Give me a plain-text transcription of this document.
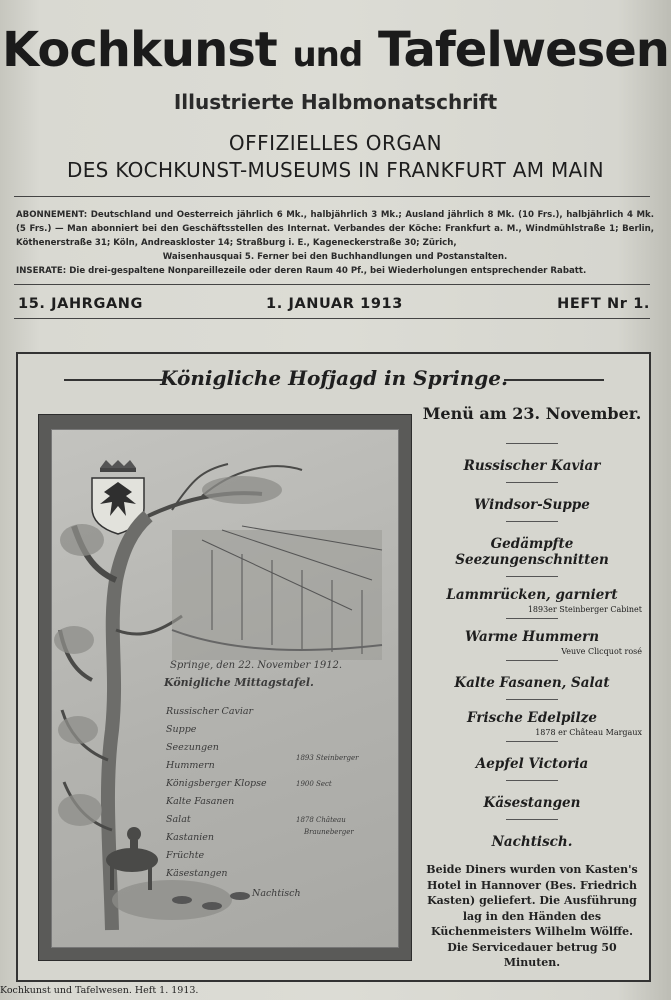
Kochkunst und Tafelwesen
Illustrierte Halbmonatschrift
OFFIZIELLES ORGAN
DES KOCHKUNST-MUSEUMS IN FRANKFURT AM MAIN

ABONNEMENT: Deutschland und Oesterreich jährlich 6 Mk., halbjährlich 3 Mk.; Ausland jährlich 8 Mk. (10 Frs.), halbjährlich 4 Mk. (5 Frs.) — Man abonniert bei den Geschäftsstellen des Internat. Verbandes der Köche: Frankfurt a. M., Windmühlstraße 1; Berlin, Köthenerstraße 31; Köln, Andreaskloster 14; Straßburg i. E., Kageneckerstraße 30; Zürich,

Waisenhausquai 5. Ferner bei den Buchhandlungen und Postanstalten.

INSERATE: Die drei-gespaltene Nonpareillezeile oder deren Raum 40 Pf., bei Wiederholungen entsprechender Rabatt.

15. JAHRGANG	1. JANUAR 1913	HEFT Nr 1.
Königliche Hofjagd in Springe.
Springe, den 22. November 1912.
Königliche Mittagstafel.
Russischer Caviar
Suppe
Seezungen
Hummern
Königsberger Klopse
Kalte Fasanen
Salat
Kastanien
Früchte
Käsestangen
Nachtisch
1893 Steinberger
1900 Sect
1878 Château
Brauneberger
Menü am 23. November.
Russischer Kaviar
Windsor-Suppe
Gedämpfte Seezungenschnitten
Lammrücken, garniert
1893er Steinberger Cabinet
Warme Hummern
Veuve Clicquot rosé
Kalte Fasanen, Salat
Frische Edelpilze
1878 er Château Margaux
Aepfel Victoria
Käsestangen
Nachtisch.
Beide Diners wurden von Kasten's Hotel in Hannover (Bes. Friedrich Kasten) geliefert. Die Ausführung lag in den Händen des Küchenmeisters Wilhelm Wölffe. Die Servicedauer betrug 50 Minuten.
Kochkunst und Tafelwesen. Heft 1. 1913.
